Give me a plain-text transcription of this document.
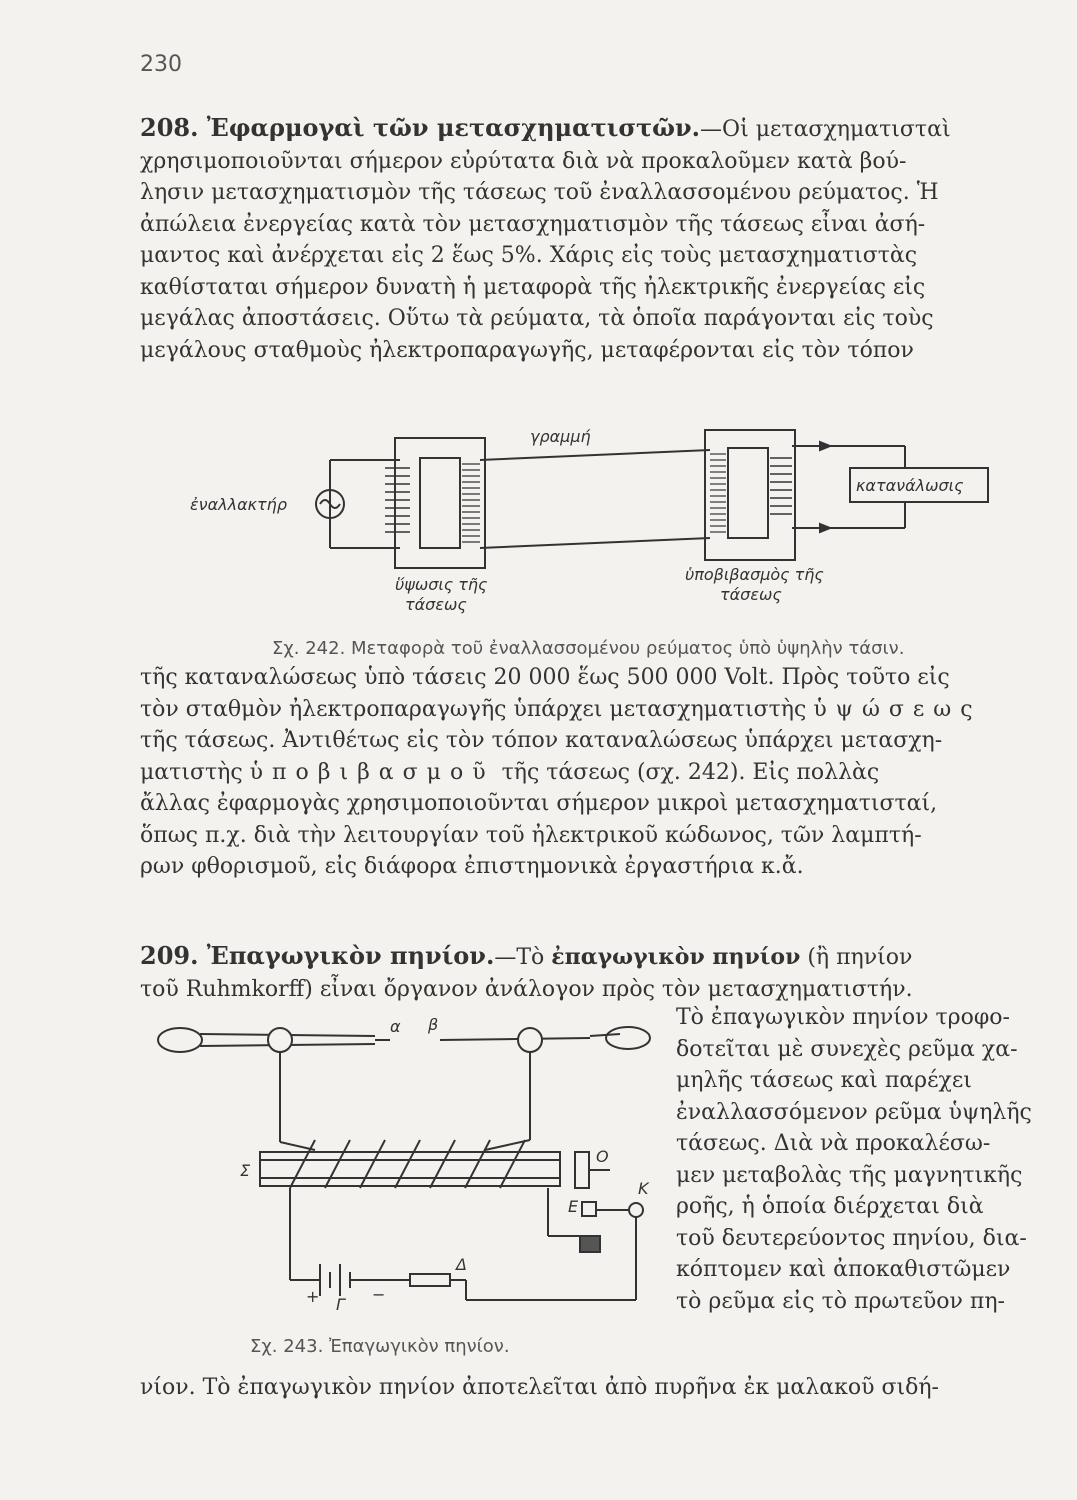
230
208. Ἐφαρμογαὶ τῶν μετασχηματιστῶν.—Οἱ μετασχηματισταὶ
χρησιμοποιοῦνται σήμερον εὐρύτατα διὰ νὰ προκαλοῦμεν κατὰ βού-
λησιν μετασχηματισμὸν τῆς τάσεως τοῦ ἐναλλασσομένου ρεύματος. Ἡ
ἀπώλεια ἐνεργείας κατὰ τὸν μετασχηματισμὸν τῆς τάσεως εἶναι ἀσή-
μαντος καὶ ἀνέρχεται εἰς 2 ἕως 5%. Χάρις εἰς τοὺς μετασχηματιστὰς
καθίσταται σήμερον δυνατὴ ἡ μεταφορὰ τῆς ἠλεκτρικῆς ἐνεργείας εἰς
μεγάλας ἀποστάσεις. Οὕτω τὰ ρεύματα, τὰ ὁποῖα παράγονται εἰς τοὺς
μεγάλους σταθμοὺς ἠλεκτροπαραγωγῆς, μεταφέρονται εἰς τὸν τόπον
γραμμή
ἐναλλακτήρ
κατανάλωσις
ὕψωσις τῆς
τάσεως
ὑποβιβασμὸς τῆς
τάσεως
Σχ. 242. Μεταφορὰ τοῦ ἐναλλασσομένου ρεύματος ὑπὸ ὑψηλὴν τάσιν.
τῆς καταναλώσεως ὑπὸ τάσεις 20 000 ἕως 500 000 Volt. Πρὸς τοῦτο εἰς
τὸν σταθμὸν ἠλεκτροπαραγωγῆς ὑπάρχει μετασχηματιστὴς ὑψώσεως
τῆς τάσεως. Ἀντιθέτως εἰς τὸν τόπον καταναλώσεως ὑπάρχει μετασχη-
ματιστὴς ὑποβιβασμοῦ τῆς τάσεως (σχ. 242). Εἰς πολλὰς
ἄλλας ἐφαρμογὰς χρησιμοποιοῦνται σήμερον μικροὶ μετασχηματισταί,
ὅπως π.χ. διὰ τὴν λειτουργίαν τοῦ ἠλεκτρικοῦ κώδωνος, τῶν λαμπτή-
ρων φθορισμοῦ, εἰς διάφορα ἐπιστημονικὰ ἐργαστήρια κ.ἄ.
209. Ἐπαγωγικὸν πηνίον.—Τὸ ἐπαγωγικὸν πηνίον (ἢ πηνίον
τοῦ Ruhmkorff) εἶναι ὄργανον ἀνάλογον πρὸς τὸν μετασχηματιστήν.
α β
Σ
Ο
Ε
Κ
Δ
+	−
Γ
Σχ. 243. Ἐπαγωγικὸν πηνίον.
Τὸ ἐπαγωγικὸν πηνίον τροφο-
δοτεῖται μὲ συνεχὲς ρεῦμα χα-
μηλῆς τάσεως καὶ παρέχει
ἐναλλασσόμενον ρεῦμα ὑψηλῆς
τάσεως. Διὰ νὰ προκαλέσω-
μεν μεταβολὰς τῆς μαγνητικῆς
ροῆς, ἡ ὁποία διέρχεται διὰ
τοῦ δευτερεύοντος πηνίου, δια-
κόπτομεν καὶ ἀποκαθιστῶμεν
τὸ ρεῦμα εἰς τὸ πρωτεῦον πη-
νίον. Τὸ ἐπαγωγικὸν πηνίον ἀποτελεῖται ἀπὸ πυρῆνα ἐκ μαλακοῦ σιδή-
